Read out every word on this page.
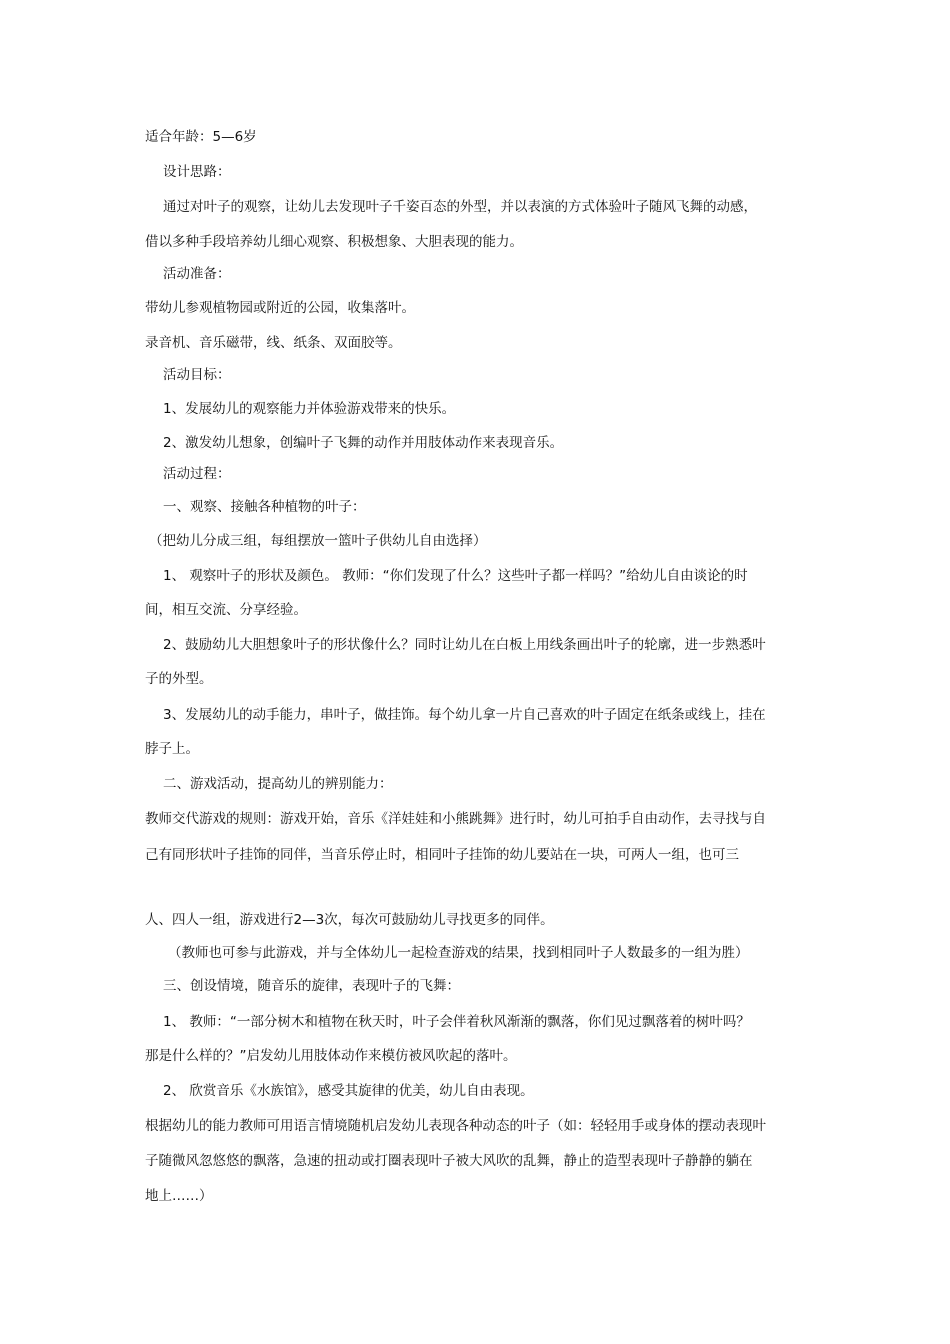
适合年龄：5—6岁
设计思路：
通过对叶子的观察，让幼儿去发现叶子千姿百态的外型，并以表演的方式体验叶子随风飞舞的动感，
借以多种手段培养幼儿细心观察、积极想象、大胆表现的能力。
活动准备：
带幼儿参观植物园或附近的公园，收集落叶。
录音机、音乐磁带，线、纸条、双面胶等。
活动目标：
1、发展幼儿的观察能力并体验游戏带来的快乐。
2、激发幼儿想象，创编叶子飞舞的动作并用肢体动作来表现音乐。
活动过程：
一、观察、接触各种植物的叶子：
（把幼儿分成三组，每组摆放一篮叶子供幼儿自由选择）
1、 观察叶子的形状及颜色。 教师：“你们发现了什么？这些叶子都一样吗？”给幼儿自由谈论的时
间，相互交流、分享经验。
2、鼓励幼儿大胆想象叶子的形状像什么？同时让幼儿在白板上用线条画出叶子的轮廓，进一步熟悉叶
子的外型。
3、发展幼儿的动手能力，串叶子，做挂饰。每个幼儿拿一片自己喜欢的叶子固定在纸条或线上，挂在
脖子上。
二、游戏活动，提高幼儿的辨别能力：
教师交代游戏的规则：游戏开始，音乐《洋娃娃和小熊跳舞》进行时，幼儿可拍手自由动作，去寻找与自
己有同形状叶子挂饰的同伴，当音乐停止时，相同叶子挂饰的幼儿要站在一块，可两人一组，也可三
人、四人一组，游戏进行2—3次，每次可鼓励幼儿寻找更多的同伴。
（教师也可参与此游戏，并与全体幼儿一起检查游戏的结果，找到相同叶子人数最多的一组为胜）
三、创设情境，随音乐的旋律，表现叶子的飞舞：
1、 教师：“一部分树木和植物在秋天时，叶子会伴着秋风渐渐的飘落，你们见过飘落着的树叶吗？
那是什么样的？”启发幼儿用肢体动作来模仿被风吹起的落叶。
2、 欣赏音乐《水族馆》，感受其旋律的优美，幼儿自由表现。
根据幼儿的能力教师可用语言情境随机启发幼儿表现各种动态的叶子（如：轻轻用手或身体的摆动表现叶
子随微风忽悠悠的飘落，急速的扭动或打圈表现叶子被大风吹的乱舞，静止的造型表现叶子静静的躺在
地上……）
